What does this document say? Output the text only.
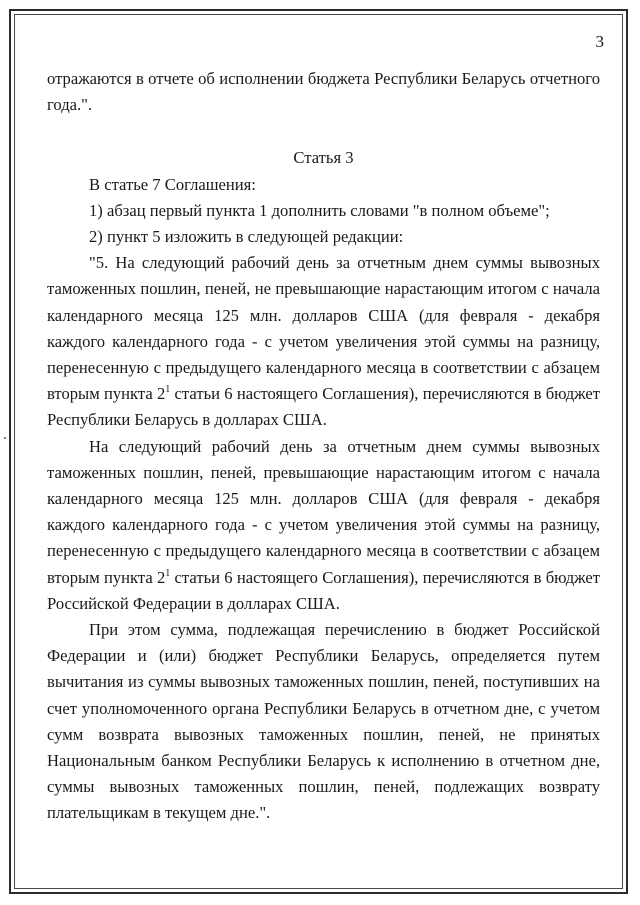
3

отражаются в отчете об исполнении бюджета Республики Беларусь отчетного года.".

Статья 3

В статье 7 Соглашения:

1) абзац первый пункта 1 дополнить словами "в полном объеме";

2) пункт 5 изложить в следующей редакции:

"5. На следующий рабочий день за отчетным днем суммы вывозных таможенных пошлин, пеней, не превышающие нарастающим итогом с начала календарного месяца 125 млн. долларов США (для февраля - декабря каждого календарного года - с учетом увеличения этой суммы на разницу, перенесенную с предыдущего календарного месяца в соответствии с абзацем вторым пункта $2^1$ статьи 6 настоящего Соглашения), перечисляются в бюджет Республики Беларусь в долларах США.

На следующий рабочий день за отчетным днем суммы вывозных таможенных пошлин, пеней, превышающие нарастающим итогом с начала календарного месяца 125 млн. долларов США (для февраля - декабря каждого календарного года - с учетом увеличения этой суммы на разницу, перенесенную с предыдущего календарного месяца в соответствии с абзацем вторым пункта $2^1$ статьи 6 настоящего Соглашения), перечисляются в бюджет Российской Федерации в долларах США.

При этом сумма, подлежащая перечислению в бюджет Российской Федерации и (или) бюджет Республики Беларусь, определяется путем вычитания из суммы вывозных таможенных пошлин, пеней, поступивших на счет уполномоченного органа Республики Беларусь в отчетном дне, с учетом сумм возврата вывозных таможенных пошлин, пеней, не принятых Национальным банком Республики Беларусь к исполнению в отчетном дне, суммы вывозных таможенных пошлин, пеней, подлежащих возврату плательщикам в текущем дне.".
